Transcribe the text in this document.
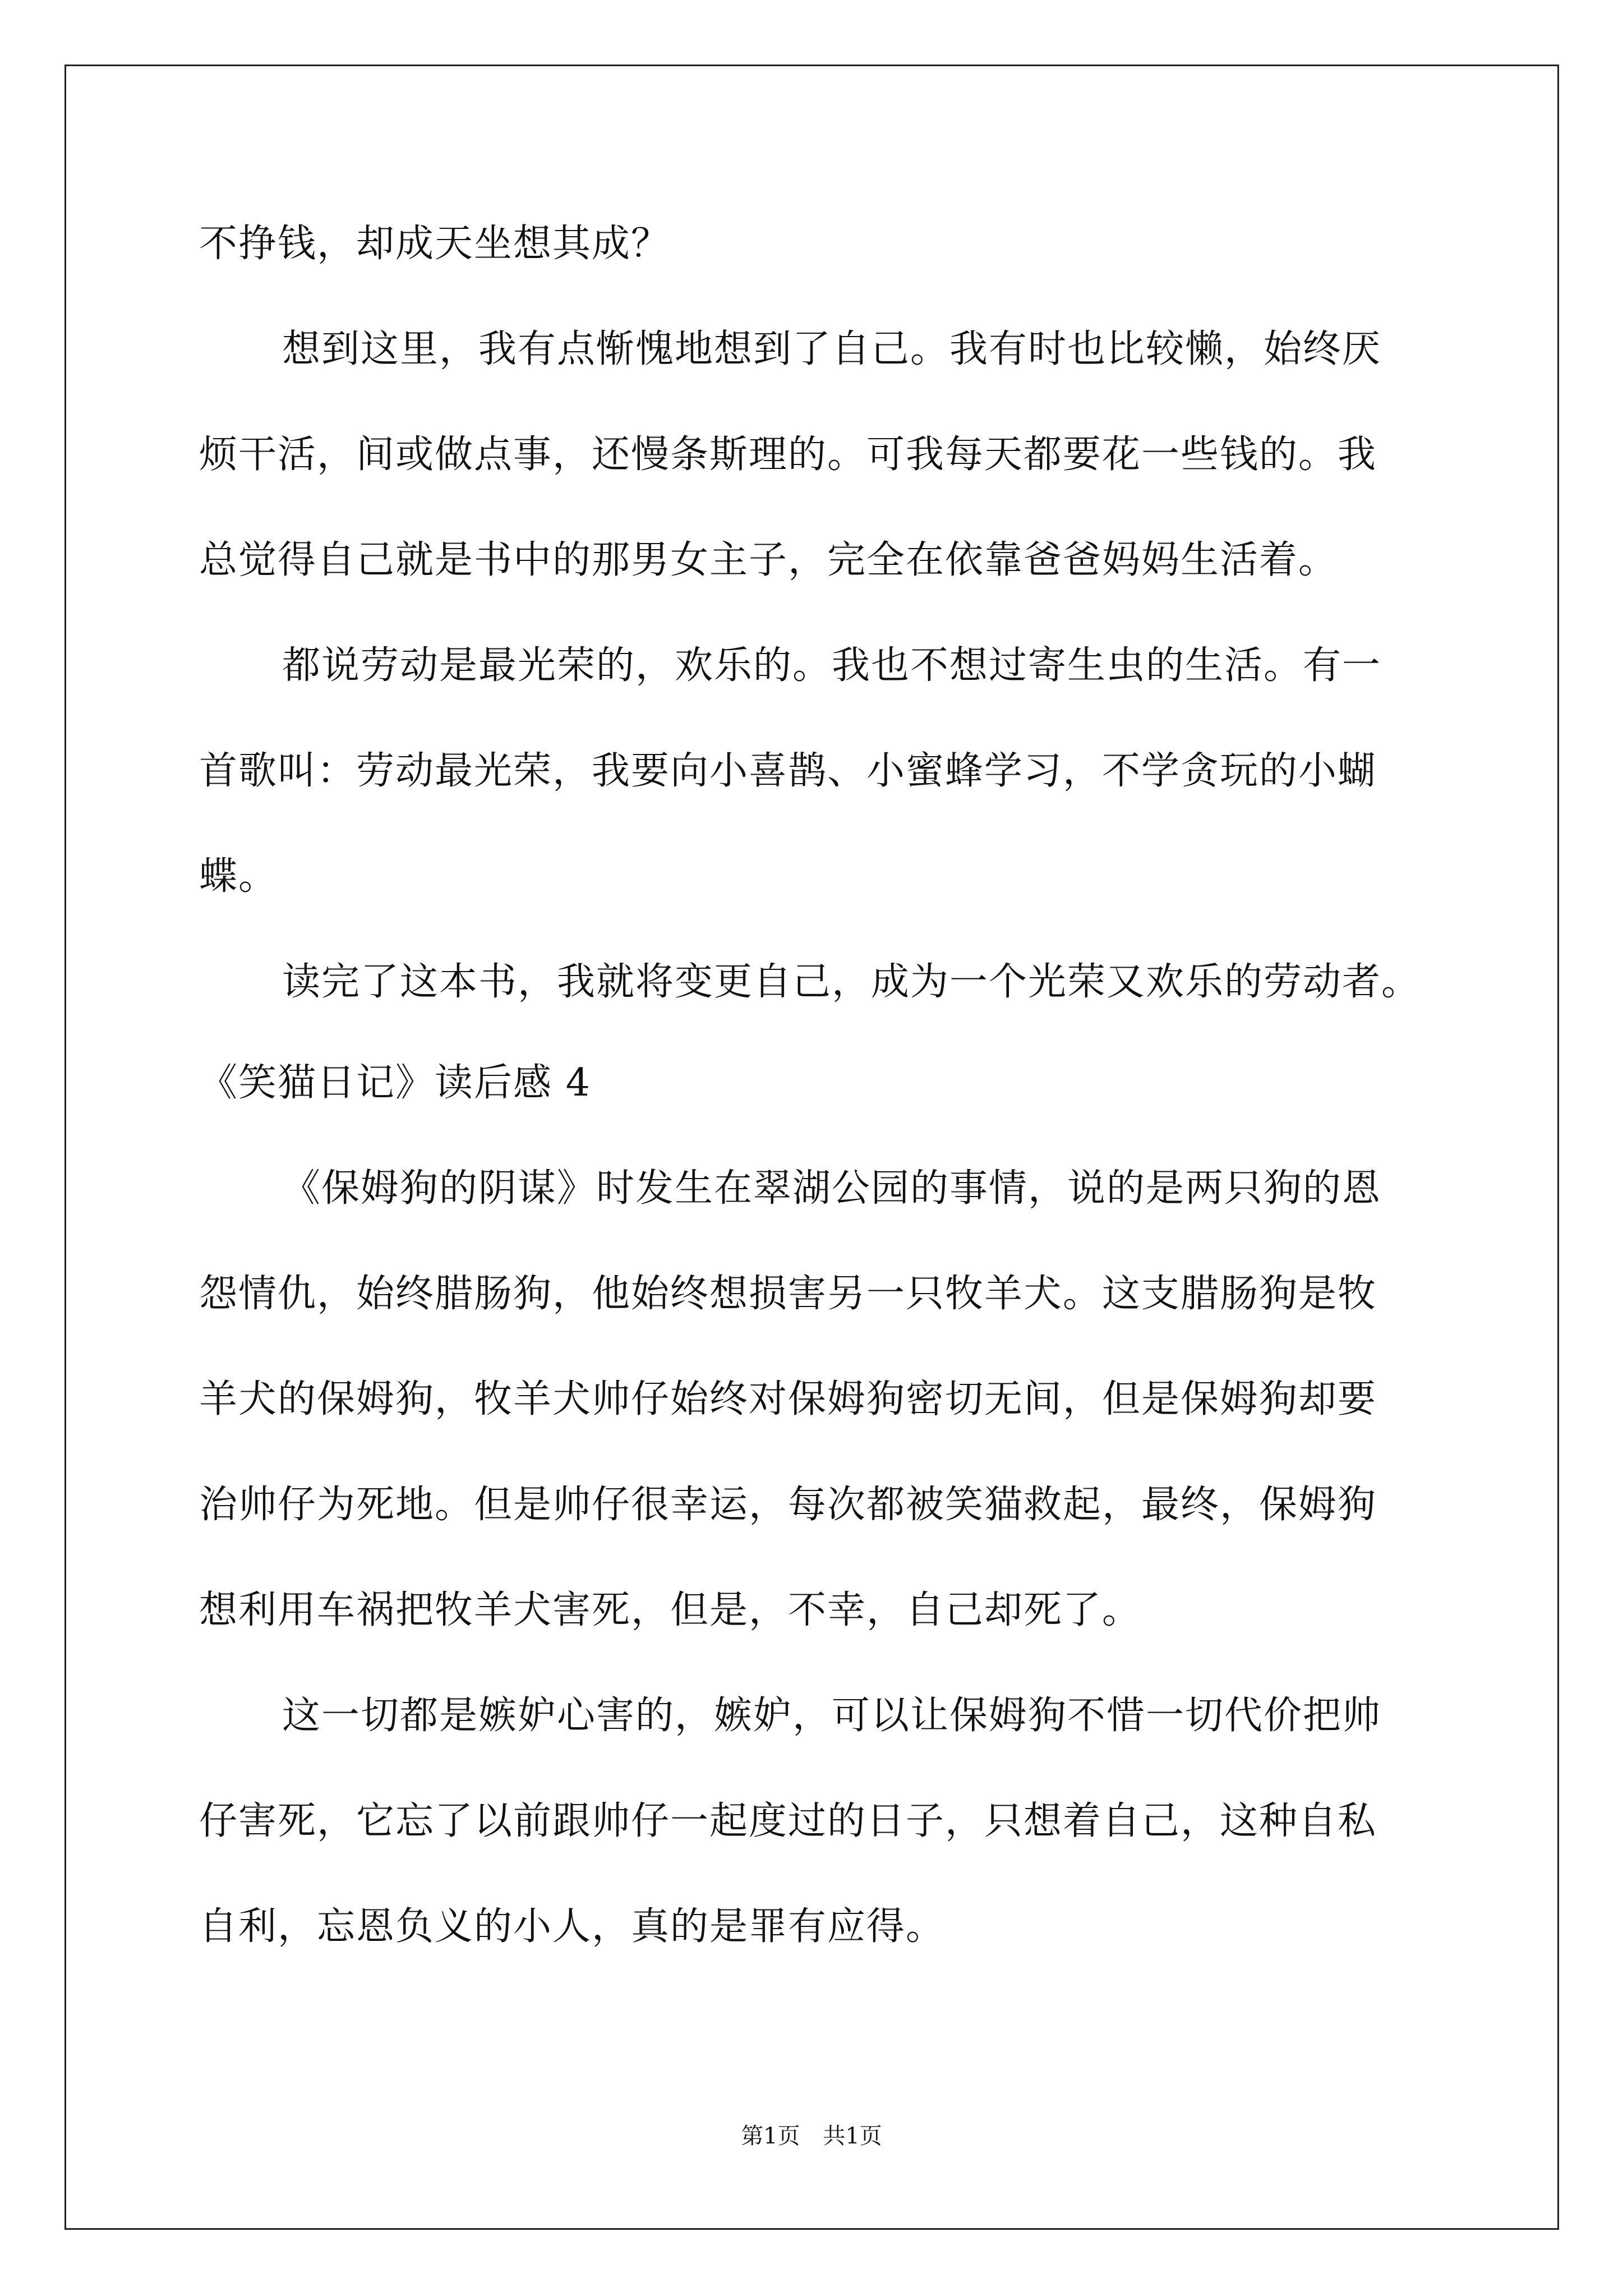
不挣钱，却成天坐想其成？
想到这里，我有点惭愧地想到了自己。我有时也比较懒，始终厌
烦干活，间或做点事，还慢条斯理的。可我每天都要花一些钱的。我
总觉得自己就是书中的那男女主子，完全在依靠爸爸妈妈生活着。
都说劳动是最光荣的，欢乐的。我也不想过寄生虫的生活。有一
首歌叫：劳动最光荣，我要向小喜鹊、小蜜蜂学习，不学贪玩的小蝴
蝶。
读完了这本书，我就将变更自己，成为一个光荣又欢乐的劳动者。
《笑猫日记》读后感 4
《保姆狗的阴谋》时发生在翠湖公园的事情，说的是两只狗的恩
怨情仇，始终腊肠狗，他始终想损害另一只牧羊犬。这支腊肠狗是牧
羊犬的保姆狗，牧羊犬帅仔始终对保姆狗密切无间，但是保姆狗却要
治帅仔为死地。但是帅仔很幸运，每次都被笑猫救起，最终，保姆狗
想利用车祸把牧羊犬害死，但是，不幸，自己却死了。
这一切都是嫉妒心害的，嫉妒，可以让保姆狗不惜一切代价把帅
仔害死，它忘了以前跟帅仔一起度过的日子，只想着自己，这种自私
自利，忘恩负义的小人，真的是罪有应得。
第1页 共1页
